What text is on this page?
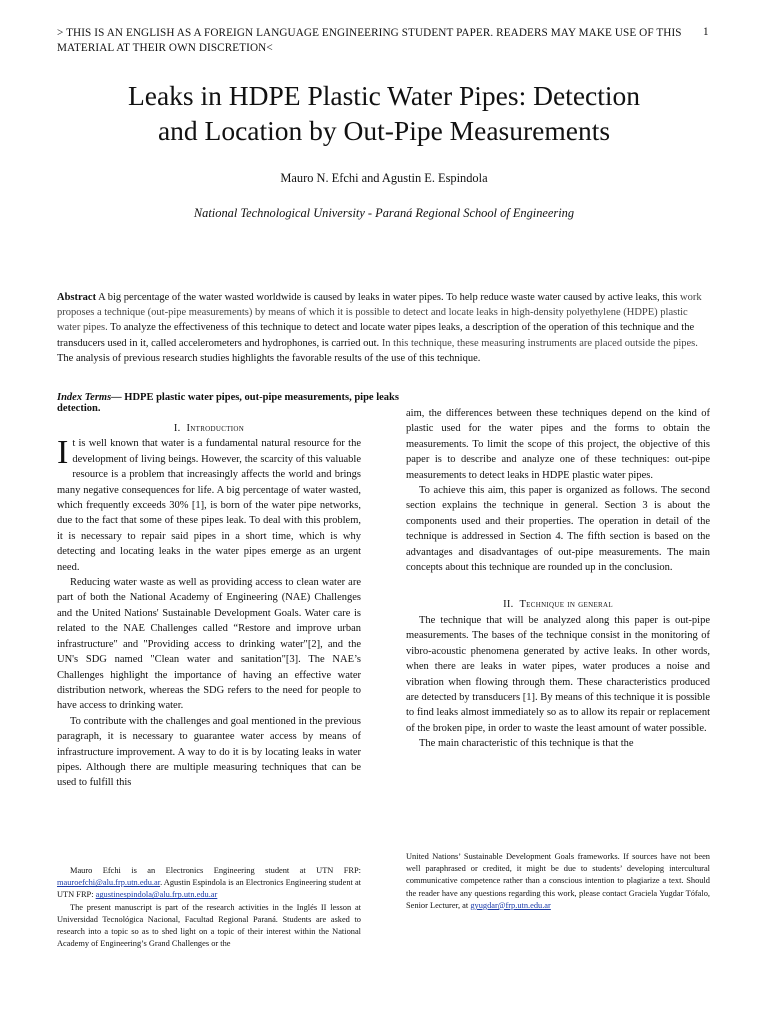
> THIS IS AN ENGLISH AS A FOREIGN LANGUAGE ENGINEERING STUDENT PAPER. READERS MAY MAKE USE OF THIS MATERIAL AT THEIR OWN DISCRETION<
1
Leaks in HDPE Plastic Water Pipes: Detection
and Location by Out-Pipe Measurements
Mauro N. Efchi and Agustin E. Espindola
National Technological University - Paraná Regional School of Engineering
Abstract A big percentage of the water wasted worldwide is caused by leaks in water pipes. To help reduce waste water caused by active leaks, this work proposes a technique (out-pipe measurements) by means of which it is possible to detect and locate leaks in high-density polyethylene (HDPE) plastic water pipes. To analyze the effectiveness of this technique to detect and locate water pipes leaks, a description of the operation of this technique and the transducers used in it, called accelerometers and hydrophones, is carried out. In this technique, these measuring instruments are placed outside the pipes. The analysis of previous research studies highlights the favorable results of the use of this technique.
Index Terms— HDPE plastic water pipes, out-pipe measurements, pipe leaks detection.

I. Introduction

It is well known that water is a fundamental natural resource for the development of living beings. However, the scarcity of this valuable resource is a problem that increasingly affects the world and brings many negative consequences for life. A big percentage of water wasted, which frequently exceeds 30% [1], is born of the water pipe networks, due to the fact that some of these pipes leak. To deal with this problem, it is necessary to repair said pipes in a short time, which is why detecting and locating leaks in the water pipes emerge as an urgent need.

Reducing water waste as well as providing access to clean water are part of both the National Academy of Engineering (NAE) Challenges and the United Nations' Sustainable Development Goals. Water care is related to the NAE Challenges called “Restore and improve urban infrastructure" and "Providing access to drinking water"[2], and the UN's SDG named "Clean water and sanitation"[3]. The NAE’s Challenges highlight the importance of having an effective water distribution network, whereas the SDG refers to the need for people to have access to drinking water.

To contribute with the challenges and goal mentioned in the previous paragraph, it is necessary to guarantee water access by means of infrastructure improvement. A way to do it is by locating leaks in water pipes. Although there are multiple measuring techniques that can be used to fulfill this

aim, the differences between these techniques depend on the kind of plastic used for the water pipes and the forms to obtain the measurements. To limit the scope of this project, the objective of this paper is to describe and analyze one of these techniques: out-pipe measurements to detect leaks in HDPE plastic water pipes.

To achieve this aim, this paper is organized as follows. The second section explains the technique in general. Section 3 is about the components used and their properties. The operation in detail of the technique is addressed in Section 4. The fifth section is based on the advantages and disadvantages of out-pipe measurements. The main concepts about this technique are rounded up in the conclusion.

II. Technique in general

The technique that will be analyzed along this paper is out-pipe measurements. The bases of the technique consist in the monitoring of vibro-acoustic phenomena generated by active leaks. In other words, when there are leaks in water pipes, water produces a noise and vibration when flowing through them. These characteristics produced are detected by transducers [1]. By means of this technique it is possible to find leaks almost immediately so as to allow its repair or replacement of the broken pipe, in order to waste the least amount of water possible.

The main characteristic of this technique is that the

Mauro Efchi is an Electronics Engineering student at UTN FRP: mauroefchi@alu.frp.utn.edu.ar. Agustin Espindola is an Electronics Engineering student at UTN FRP: agustinespindola@alu.frp.utn.edu.ar

The present manuscript is part of the research activities in the Inglés II lesson at Universidad Tecnológica Nacional, Facultad Regional Paraná. Students are asked to research into a topic so as to shed light on a topic of their interest within the National Academy of Engineering’s Grand Challenges or the

United Nations’ Sustainable Development Goals frameworks. If sources have not been well paraphrased or credited, it might be due to students’ developing intercultural communicative competence rather than a conscious intention to plagiarize a text. Should the reader have any questions regarding this work, please contact Graciela Yugdar Tófalo, Senior Lecturer, at gyugdar@frp.utn.edu.ar
